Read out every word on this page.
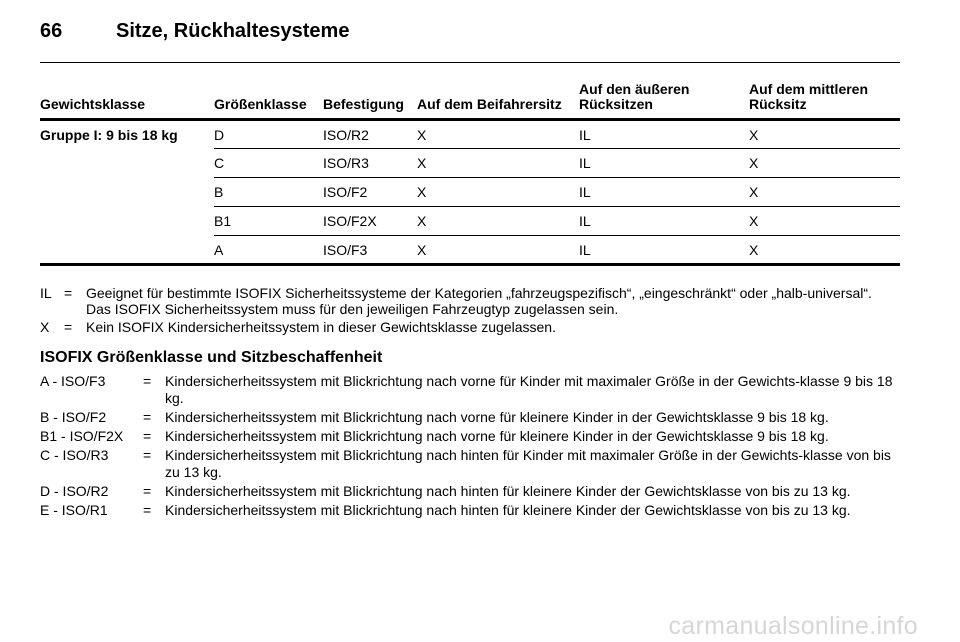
66	Sitze, Rückhaltesysteme
Gewichtsklasse	Größenklasse	Befestigung	Auf dem Beifahrersitz	Auf den äußeren Rücksitzen	Auf dem mittleren Rücksitz
Gruppe I: 9 bis 18 kg	D	ISO/R2	X	IL	X
	C	ISO/R3	X	IL	X
	B	ISO/F2	X	IL	X
	B1	ISO/F2X	X	IL	X
	A	ISO/F3	X	IL	X
IL = Geeignet für bestimmte ISOFIX Sicherheitssysteme der Kategorien „fahrzeugspezifisch“, „eingeschränkt“ oder „halb-universal“. Das ISOFIX Sicherheitssystem muss für den jeweiligen Fahrzeugtyp zugelassen sein.
X	= Kein ISOFIX Kindersicherheitssystem in dieser Gewichtsklasse zugelassen.
ISOFIX Größenklasse und Sitzbeschaffenheit
A - ISO/F3	= Kindersicherheitssystem mit Blickrichtung nach vorne für Kinder mit maximaler Größe in der Gewichts-klasse 9 bis 18 kg.
B - ISO/F2	= Kindersicherheitssystem mit Blickrichtung nach vorne für kleinere Kinder in der Gewichtsklasse 9 bis 18 kg.
B1 - ISO/F2X	= Kindersicherheitssystem mit Blickrichtung nach vorne für kleinere Kinder in der Gewichtsklasse 9 bis 18 kg.
C - ISO/R3	= Kindersicherheitssystem mit Blickrichtung nach hinten für Kinder mit maximaler Größe in der Gewichts-klasse von bis zu 13 kg.
D - ISO/R2	= Kindersicherheitssystem mit Blickrichtung nach hinten für kleinere Kinder der Gewichtsklasse von bis zu 13 kg.
E - ISO/R1	= Kindersicherheitssystem mit Blickrichtung nach hinten für kleinere Kinder der Gewichtsklasse von bis zu 13 kg.
carmanualsonline.info
